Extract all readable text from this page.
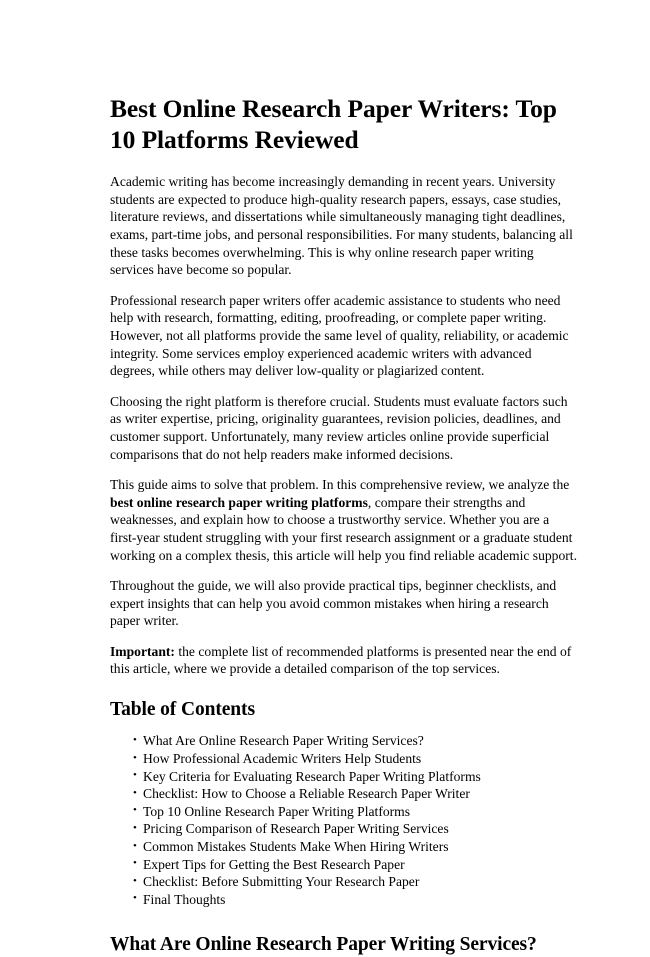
Best Online Research Paper Writers: Top 10 Platforms Reviewed

Academic writing has become increasingly demanding in recent years. University students are expected to produce high-quality research papers, essays, case studies, literature reviews, and dissertations while simultaneously managing tight deadlines, exams, part-time jobs, and personal responsibilities. For many students, balancing all these tasks becomes overwhelming. This is why online research paper writing services have become so popular.

Professional research paper writers offer academic assistance to students who need help with research, formatting, editing, proofreading, or complete paper writing. However, not all platforms provide the same level of quality, reliability, or academic integrity. Some services employ experienced academic writers with advanced degrees, while others may deliver low-quality or plagiarized content.

Choosing the right platform is therefore crucial. Students must evaluate factors such as writer expertise, pricing, originality guarantees, revision policies, deadlines, and customer support. Unfortunately, many review articles online provide superficial comparisons that do not help readers make informed decisions.

This guide aims to solve that problem. In this comprehensive review, we analyze the best online research paper writing platforms, compare their strengths and weaknesses, and explain how to choose a trustworthy service. Whether you are a first-year student struggling with your first research assignment or a graduate student working on a complex thesis, this article will help you find reliable academic support.

Throughout the guide, we will also provide practical tips, beginner checklists, and expert insights that can help you avoid common mistakes when hiring a research paper writer.

Important: the complete list of recommended platforms is presented near the end of this article, where we provide a detailed comparison of the top services.

Table of Contents
• What Are Online Research Paper Writing Services?
• How Professional Academic Writers Help Students
• Key Criteria for Evaluating Research Paper Writing Platforms
• Checklist: How to Choose a Reliable Research Paper Writer
• Top 10 Online Research Paper Writing Platforms
• Pricing Comparison of Research Paper Writing Services
• Common Mistakes Students Make When Hiring Writers
• Expert Tips for Getting the Best Research Paper
• Checklist: Before Submitting Your Research Paper
• Final Thoughts
What Are Online Research Paper Writing Services?
